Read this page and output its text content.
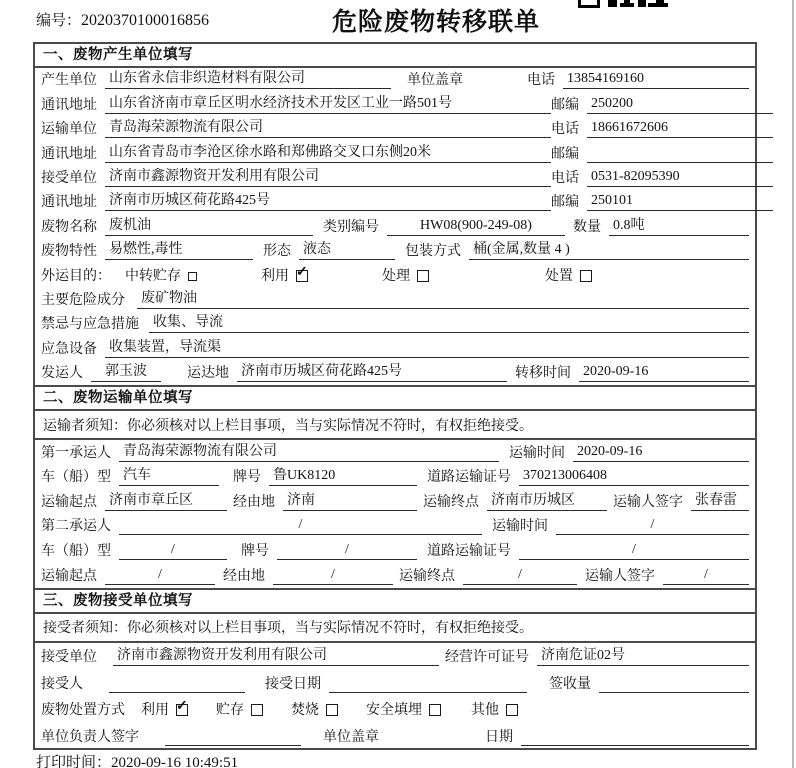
编号：2020370100016856	危险废物转移联单
一、废物产生单位填写
产生单位 山东省永信非织造材料有限公司	单位盖章	电话 13854169160
通讯地址 山东省济南市章丘区明水经济技术开发区工业一路501号	邮编 250200
运输单位 青岛海荣源物流有限公司	电话 18661672606
通讯地址 山东省青岛市李沧区徐水路和郑佛路交叉口东侧20米	邮编
接受单位 济南市鑫源物资开发利用有限公司	电话 0531-82095390
通讯地址 济南市历城区荷花路425号	邮编 250101
废物名称 废机油	类别编号	HW08(900-249-08)	数量 0.8吨
废物特性 易燃性,毒性	形态 液态	包装方式 桶(金属,数量 4 )
外运目的： 中转贮存	利用 ✓	处理	处置
主要危险成分 废矿物油
禁忌与应急措施 收集、导流
应急设备 收集装置，导流渠
发运人	郭玉波	运达地 济南市历城区荷花路425号	转移时间 2020-09-16
二、废物运输单位填写
运输者须知：你必须核对以上栏目事项，当与实际情况不符时，有权拒绝接受。
第一承运人 青岛海荣源物流有限公司	运输时间 2020-09-16
车（船）型 汽车	牌号 鲁UK8120	道路运输证号 370213006408
运输起点 济南市章丘区	经由地 济南	运输终点 济南市历城区	运输人签字 张春雷
第二承运人	/	运输时间	/
车（船）型	/	牌号	/	道路运输证号	/
运输起点	/	经由地	/	运输终点	/	运输人签字	/
三、废物接受单位填写
接受者须知：你必须核对以上栏目事项，当与实际情况不符时，有权拒绝接受。
接受单位 济南市鑫源物资开发利用有限公司	经营许可证号 济南危证02号
接受人	接受日期	签收量
废物处置方式 利用 ✓ 贮存	焚烧	安全填埋	其他
单位负责人签字	单位盖章	日期
打印时间：2020-09-16 10:49:51
